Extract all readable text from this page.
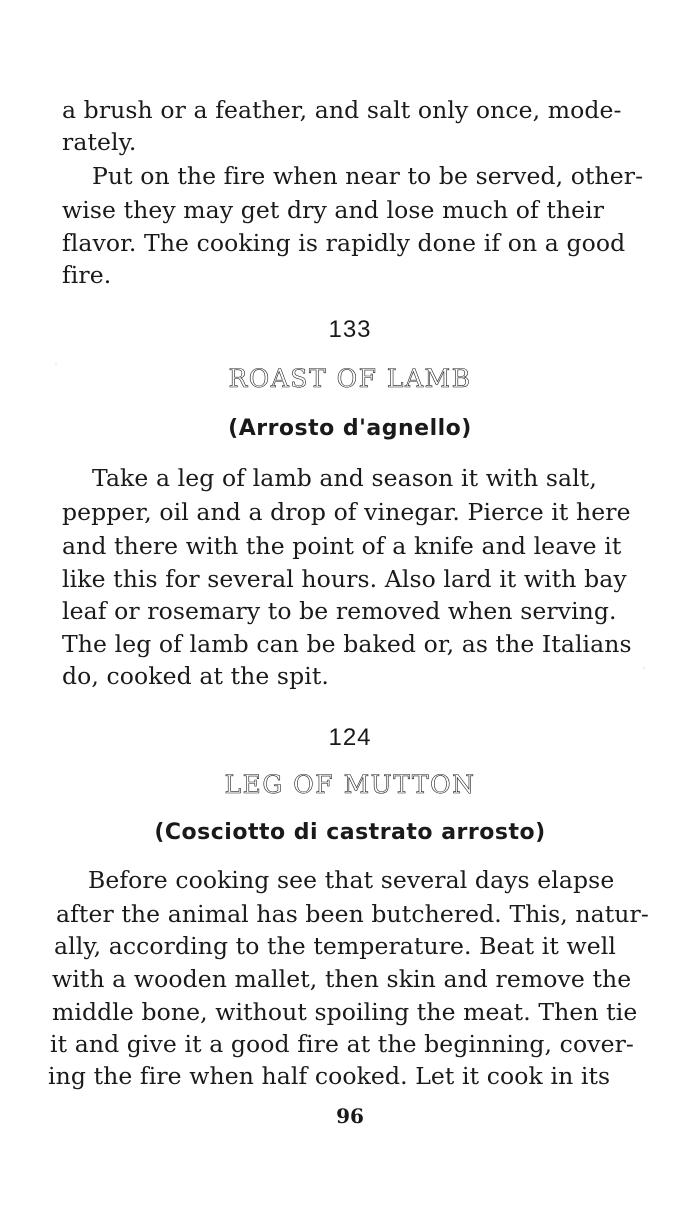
a brush or a feather, and salt only once, mode-
rately.
Put on the fire when near to be served, other-
wise they may get dry and lose much of their
flavor. The cooking is rapidly done if on a good
fire.
133
ROAST OF LAMB
(Arrosto d'agnello)
Take a leg of lamb and season it with salt,
pepper, oil and a drop of vinegar. Pierce it here
and there with the point of a knife and leave it
like this for several hours. Also lard it with bay
leaf or rosemary to be removed when serving.
The leg of lamb can be baked or, as the Italians
do, cooked at the spit.
124
LEG OF MUTTON
(Cosciotto di castrato arrosto)
Before cooking see that several days elapse
after the animal has been butchered. This, natur-
ally, according to the temperature. Beat it well
with a wooden mallet, then skin and remove the
middle bone, without spoiling the meat. Then tie
it and give it a good fire at the beginning, cover-
ing the fire when half cooked. Let it cook in its
96
